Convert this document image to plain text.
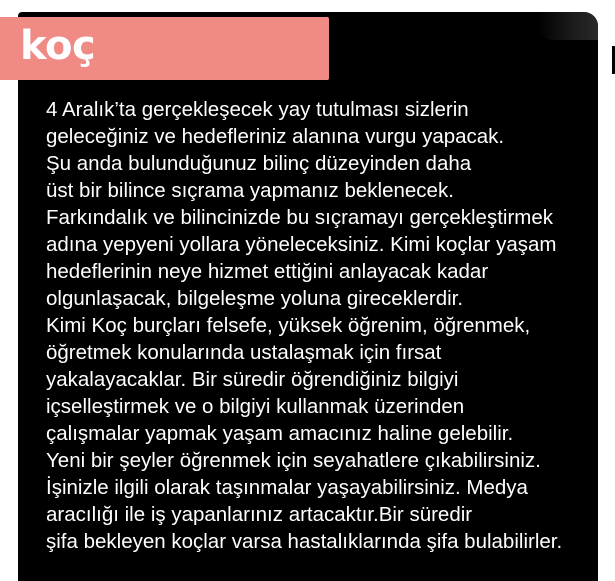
koç
4 Aralık’ta gerçekleşecek yay tutulması sizlerin
geleceğiniz ve hedefleriniz alanına vurgu yapacak.
Şu anda bulunduğunuz bilinç düzeyinden daha
üst bir bilince sıçrama yapmanız beklenecek.
Farkındalık ve bilincinizde bu sıçramayı gerçekleştirmek
adına yepyeni yollara yöneleceksiniz. Kimi koçlar yaşam
hedeflerinin neye hizmet ettiğini anlayacak kadar
olgunlaşacak, bilgeleşme yoluna gireceklerdir.
Kimi Koç burçları felsefe, yüksek öğrenim, öğrenmek,
öğretmek konularında ustalaşmak için fırsat
yakalayacaklar. Bir süredir öğrendiğiniz bilgiyi
içselleştirmek ve o bilgiyi kullanmak üzerinden
çalışmalar yapmak yaşam amacınız haline gelebilir.
Yeni bir şeyler öğrenmek için seyahatlere çıkabilirsiniz.
İşinizle ilgili olarak taşınmalar yaşayabilirsiniz. Medya
aracılığı ile iş yapanlarınız artacaktır.Bir süredir
şifa bekleyen koçlar varsa hastalıklarında şifa bulabilirler.
